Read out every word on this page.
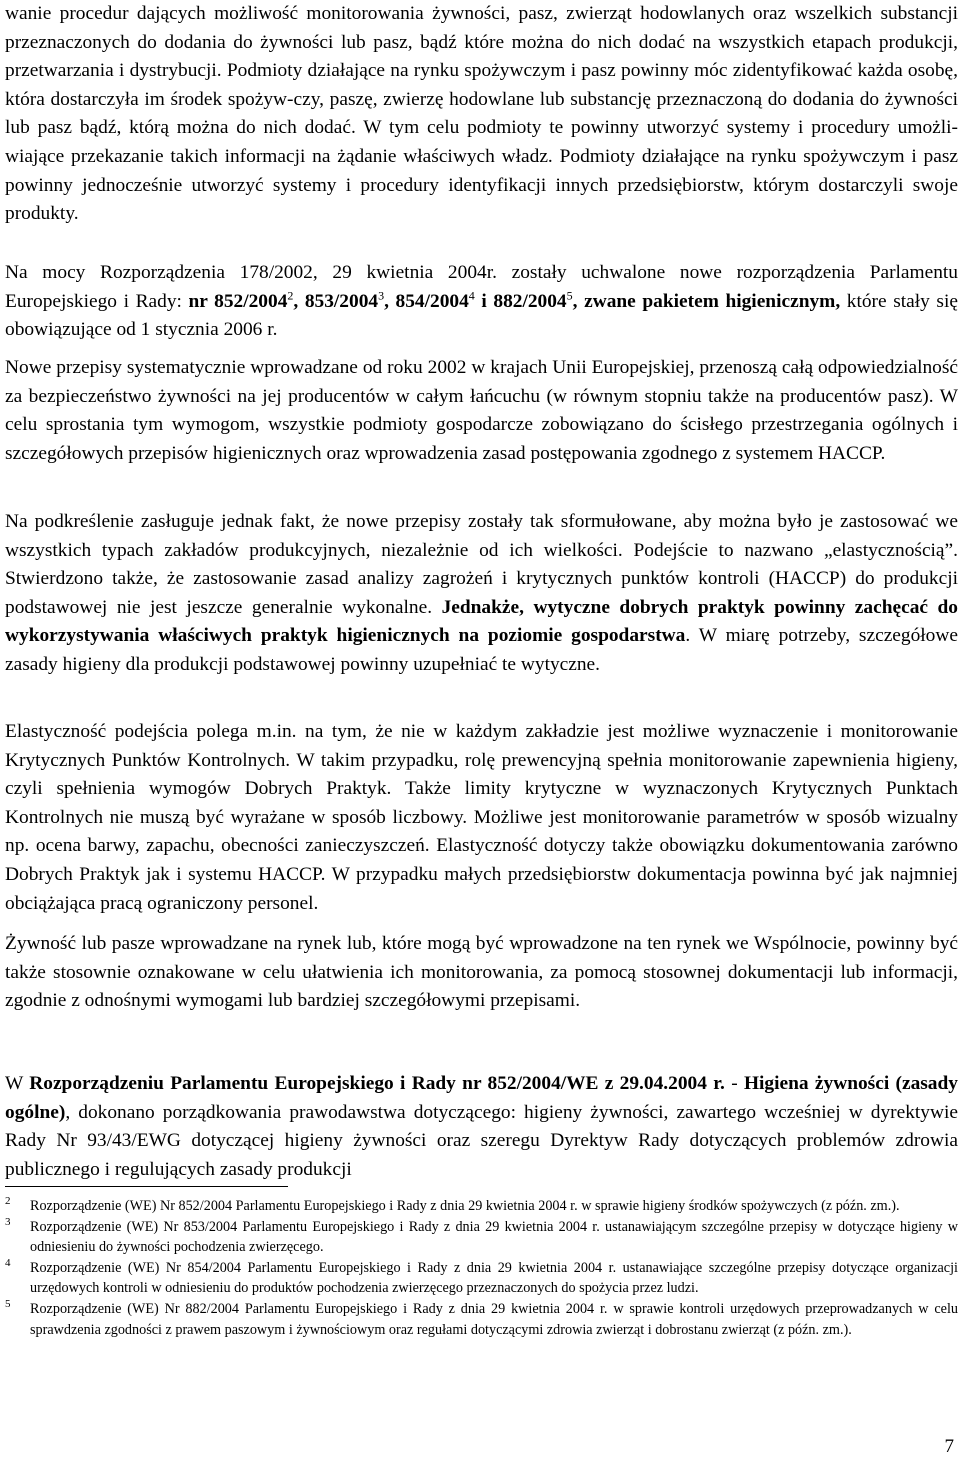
wanie procedur dających możliwość monitorowania żywności, pasz, zwierząt hodowlanych oraz wszelkich substancji przeznaczonych do dodania do żywności lub pasz, bądź które można do nich dodać na wszystkich etapach produkcji, przetwarzania i dystrybucji. Podmioty działające na rynku spożywczym i pasz powinny móc zidentyfikować każda osobę, która dostarczyła im środek spożyw-czy, paszę, zwierzę hodowlane lub substancję przeznaczoną do dodania do żywności lub pasz bądź, którą można do nich dodać. W tym celu podmioty te powinny utworzyć systemy i procedury umożli-wiające przekazanie takich informacji na żądanie właściwych władz. Podmioty działające na rynku spożywczym i pasz powinny jednocześnie utworzyć systemy i procedury identyfikacji innych przedsiębiorstw, którym dostarczyli swoje produkty.

Na mocy Rozporządzenia 178/2002, 29 kwietnia 2004r. zostały uchwalone nowe rozporządzenia Parlamentu Europejskiego i Rady: nr 852/2004$^2$, 853/2004$^3$, 854/2004$^4$ i 882/2004$^5$, zwane pakietem higienicznym, które stały się obowiązujące od 1 stycznia 2006 r.

Nowe przepisy systematycznie wprowadzane od roku 2002 w krajach Unii Europejskiej, przenoszą całą odpowiedzialność za bezpieczeństwo żywności na jej producentów w całym łańcuchu (w równym stopniu także na producentów pasz). W celu sprostania tym wymogom, wszystkie podmioty gospodarcze zobowiązano do ścisłego przestrzegania ogólnych i szczegółowych przepisów higienicznych oraz wprowadzenia zasad postępowania zgodnego z systemem HACCP.

Na podkreślenie zasługuje jednak fakt, że nowe przepisy zostały tak sformułowane, aby można było je zastosować we wszystkich typach zakładów produkcyjnych, niezależnie od ich wielkości. Podejście to nazwano „elastycznością”. Stwierdzono także, że zastosowanie zasad analizy zagrożeń i krytycznych punktów kontroli (HACCP) do produkcji podstawowej nie jest jeszcze generalnie wykonalne. Jednakże, wytyczne dobrych praktyk powinny zachęcać do wykorzystywania właściwych praktyk higienicznych na poziomie gospodarstwa. W miarę potrzeby, szczegółowe zasady higieny dla produkcji podstawowej powinny uzupełniać te wytyczne.

Elastyczność podejścia polega m.in. na tym, że nie w każdym zakładzie jest możliwe wyznaczenie i monitorowanie Krytycznych Punktów Kontrolnych. W takim przypadku, rolę prewencyjną spełnia monitorowanie zapewnienia higieny, czyli spełnienia wymogów Dobrych Praktyk. Także limity krytyczne w wyznaczonych Krytycznych Punktach Kontrolnych nie muszą być wyrażane w sposób liczbowy. Możliwe jest monitorowanie parametrów w sposób wizualny np. ocena barwy, zapachu, obecności zanieczyszczeń. Elastyczność dotyczy także obowiązku dokumentowania zarówno Dobrych Praktyk jak i systemu HACCP. W przypadku małych przedsiębiorstw dokumentacja powinna być jak najmniej obciążająca pracą ograniczony personel.

Żywność lub pasze wprowadzane na rynek lub, które mogą być wprowadzone na ten rynek we Wspólnocie, powinny być także stosownie oznakowane w celu ułatwienia ich monitorowania, za pomocą stosownej dokumentacji lub informacji, zgodnie z odnośnymi wymogami lub bardziej szczegółowymi przepisami.

W Rozporządzeniu Parlamentu Europejskiego i Rady nr 852/2004/WE z 29.04.2004 r. - Higiena żywności (zasady ogólne), dokonano porządkowania prawodawstwa dotyczącego: higieny żywności, zawartego wcześniej w dyrektywie Rady Nr 93/43/EWG dotyczącej higieny żywności oraz szeregu Dyrektyw Rady dotyczących problemów zdrowia publicznego i regulujących zasady produkcji

2 Rozporządzenie (WE) Nr 852/2004 Parlamentu Europejskiego i Rady z dnia 29 kwietnia 2004 r. w sprawie higieny środków spożywczych (z późn. zm.).

3 Rozporządzenie (WE) Nr 853/2004 Parlamentu Europejskiego i Rady z dnia 29 kwietnia 2004 r. ustanawiającym szczególne przepisy w dotyczące higieny w odniesieniu do żywności pochodzenia zwierzęcego.

4 Rozporządzenie (WE) Nr 854/2004 Parlamentu Europejskiego i Rady z dnia 29 kwietnia 2004 r. ustanawiające szczególne przepisy dotyczące organizacji urzędowych kontroli w odniesieniu do produktów pochodzenia zwierzęcego przeznaczonych do spożycia przez ludzi.

5 Rozporządzenie (WE) Nr 882/2004 Parlamentu Europejskiego i Rady z dnia 29 kwietnia 2004 r. w sprawie kontroli urzędowych przeprowadzanych w celu sprawdzenia zgodności z prawem paszowym i żywnościowym oraz regułami dotyczącymi zdrowia zwierząt i dobrostanu zwierząt (z późn. zm.).

7
